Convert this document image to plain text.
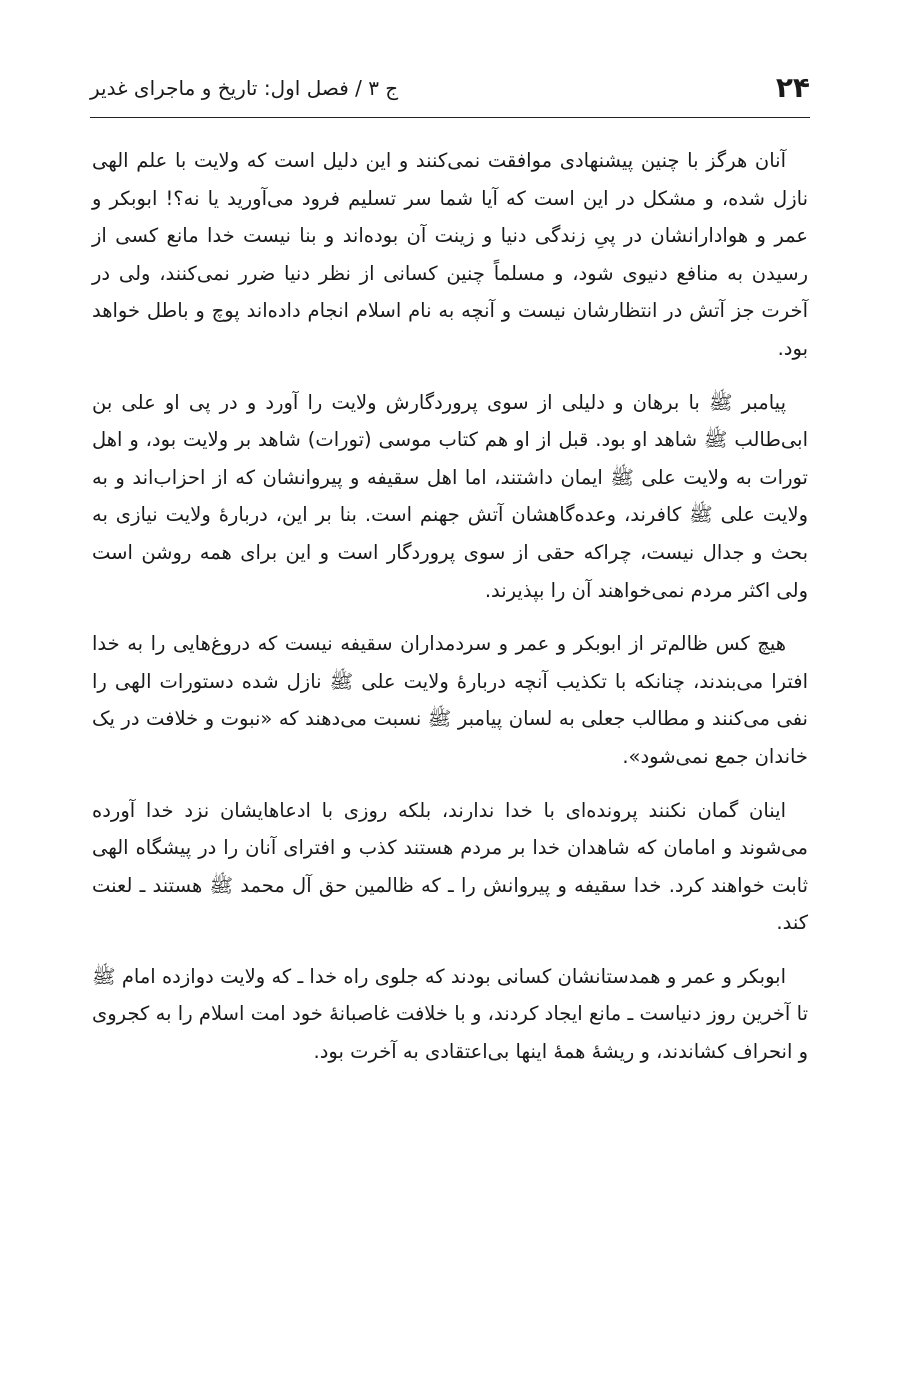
۲۴
ج ۳ / فصل اول: تاریخ و ماجرای غدیر

آنان هرگز با چنین پیشنهادی موافقت نمی‌کنند و این دلیل است که ولایت با علم الهی نازل شده، و مشکل در این است که آیا شما سر تسلیم فرود می‌آورید یا نه؟! ابوبکر و عمر و هوادارانشان در پیِ زندگی دنیا و زینت آن بوده‌اند و بنا نیست خدا مانع کسی از رسیدن به منافع دنیوی شود، و مسلماً چنین کسانی از نظر دنیا ضرر نمی‌کنند، ولی در آخرت جز آتش در انتظارشان نیست و آنچه به نام اسلام انجام داده‌اند پوچ و باطل خواهد بود.

پیامبر ﷺ با برهان و دلیلی از سوی پروردگارش ولایت را آورد و در پی او علی بن ابی‌طالب ﷺ شاهد او بود. قبل از او هم کتاب موسی (تورات) شاهد بر ولایت بود، و اهل تورات به ولایت علی ﷺ ایمان داشتند، اما اهل سقیفه و پیروانشان که از احزاب‌اند و به ولایت علی ﷺ کافرند، وعده‌گاهشان آتش جهنم است. بنا بر این، دربارهٔ ولایت نیازی به بحث و جدال نیست، چراکه حقی از سوی پروردگار است و این برای همه روشن است ولی اکثر مردم نمی‌خواهند آن را بپذیرند.

هیچ کس ظالم‌تر از ابوبکر و عمر و سردمداران سقیفه نیست که دروغ‌هایی را به خدا افترا می‌بندند، چنانکه با تکذیب آنچه دربارهٔ ولایت علی ﷺ نازل شده دستورات الهی را نفی می‌کنند و مطالب جعلی به لسان پیامبر ﷺ نسبت می‌دهند که «نبوت و خلافت در یک خاندان جمع نمی‌شود».

اینان گمان نکنند پرونده‌ای با خدا ندارند، بلکه روزی با ادعاهایشان نزد خدا آورده می‌شوند و امامان که شاهدان خدا بر مردم هستند کذب و افترای آنان را در پیشگاه الهی ثابت خواهند کرد. خدا سقیفه و پیروانش را ـ که ظالمین حق آل محمد ﷺ هستند ـ لعنت کند.

ابوبکر و عمر و همدستانشان کسانی بودند که جلوی راه خدا ـ که ولایت دوازده امام ﷺ تا آخرین روز دنیاست ـ مانع ایجاد کردند، و با خلافت غاصبانهٔ خود امت اسلام را به کجروی و انحراف کشاندند، و ریشهٔ همهٔ اینها بی‌اعتقادی به آخرت بود.
